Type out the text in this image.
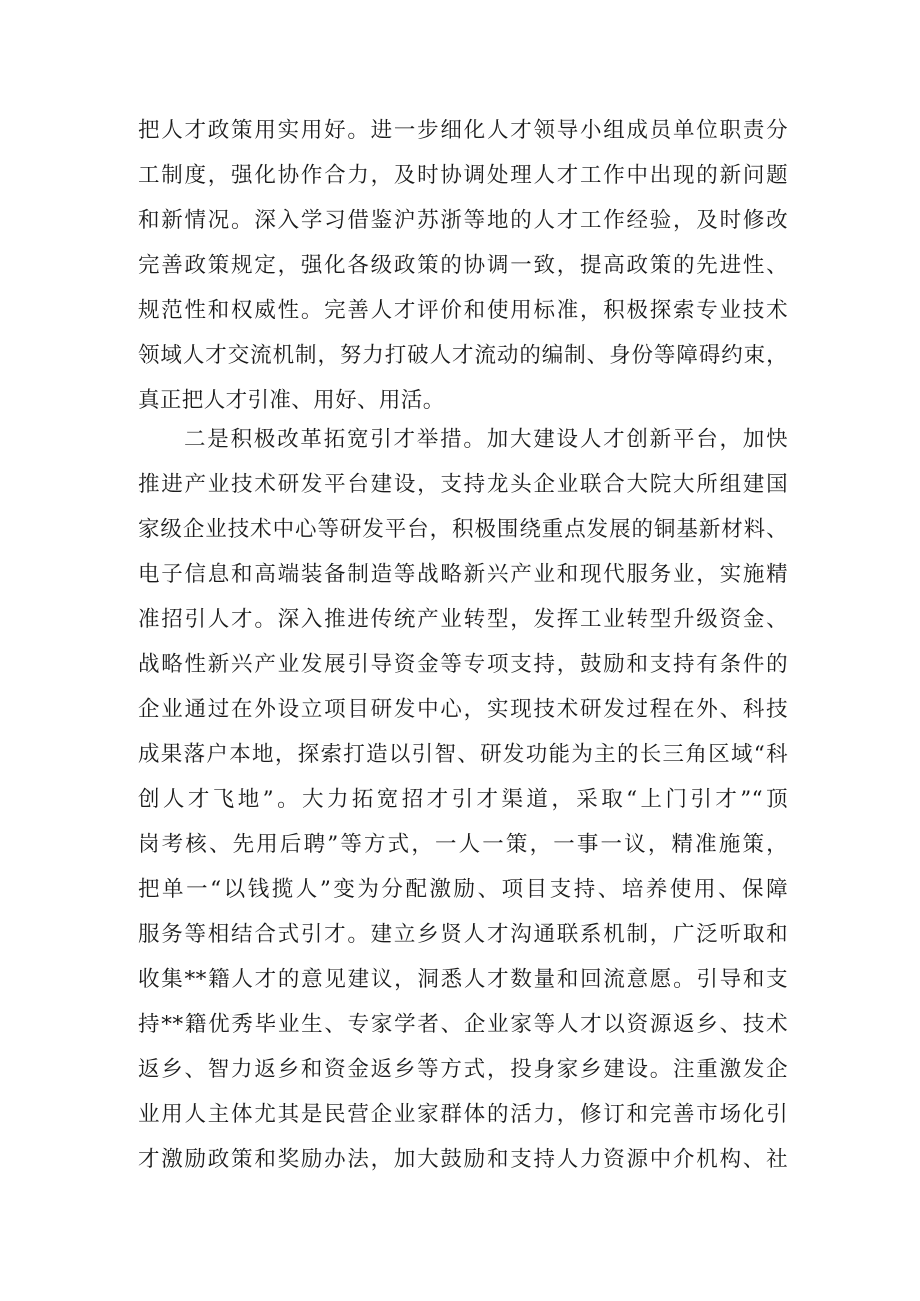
把人才政策用实用好。进一步细化人才领导小组成员单位职责分
工制度，强化协作合力，及时协调处理人才工作中出现的新问题
和新情况。深入学习借鉴沪苏浙等地的人才工作经验，及时修改
完善政策规定，强化各级政策的协调一致，提高政策的先进性、
规范性和权威性。完善人才评价和使用标准，积极探索专业技术
领域人才交流机制，努力打破人才流动的编制、身份等障碍约束，
真正把人才引准、用好、用活。
二是积极改革拓宽引才举措。加大建设人才创新平台，加快
推进产业技术研发平台建设，支持龙头企业联合大院大所组建国
家级企业技术中心等研发平台，积极围绕重点发展的铜基新材料、
电子信息和高端装备制造等战略新兴产业和现代服务业，实施精
准招引人才。深入推进传统产业转型，发挥工业转型升级资金、
战略性新兴产业发展引导资金等专项支持，鼓励和支持有条件的
企业通过在外设立项目研发中心，实现技术研发过程在外、科技
成果落户本地，探索打造以引智、研发功能为主的长三角区域“科
创人才飞地”。大力拓宽招才引才渠道，采取“上门引才”“顶
岗考核、先用后聘”等方式，一人一策，一事一议，精准施策，
把单一“以钱揽人”变为分配激励、项目支持、培养使用、保障
服务等相结合式引才。建立乡贤人才沟通联系机制，广泛听取和
收集**籍人才的意见建议，洞悉人才数量和回流意愿。引导和支
持**籍优秀毕业生、专家学者、企业家等人才以资源返乡、技术
返乡、智力返乡和资金返乡等方式，投身家乡建设。注重激发企
业用人主体尤其是民营企业家群体的活力，修订和完善市场化引
才激励政策和奖励办法，加大鼓励和支持人力资源中介机构、社
